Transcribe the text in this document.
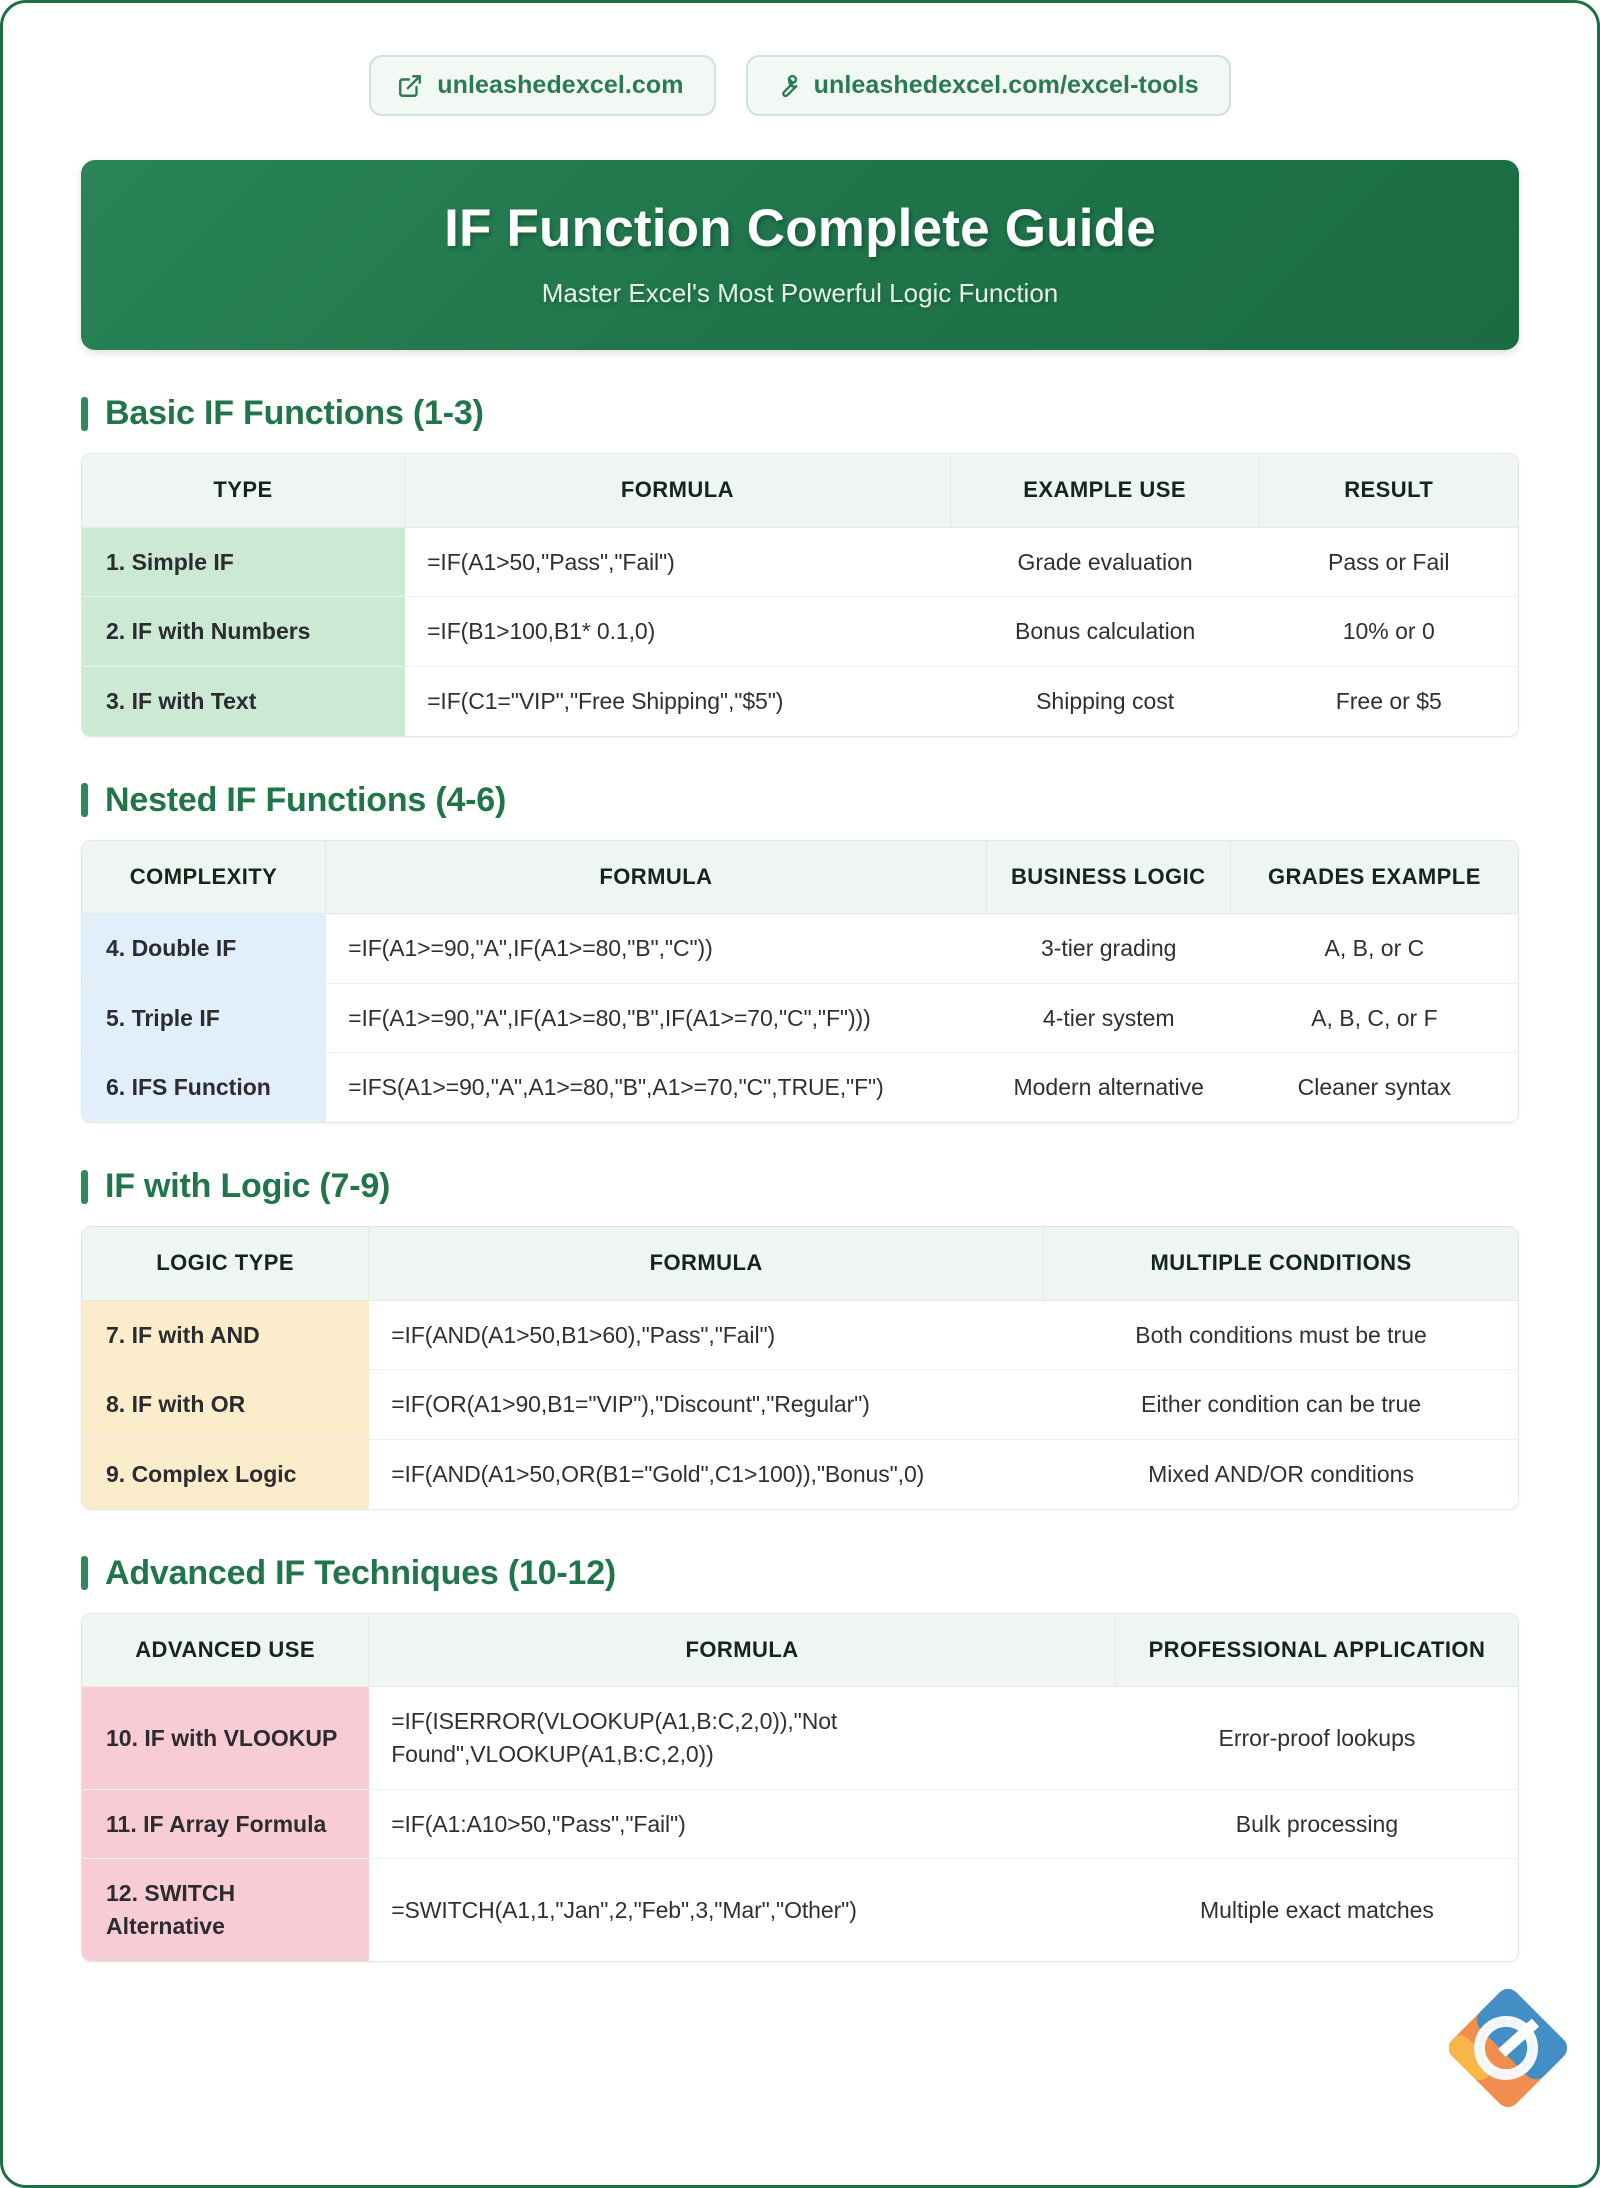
unleashedexcel.com	unleashedexcel.com/excel-tools
IF Function Complete Guide
Master Excel's Most Powerful Logic Function
Basic IF Functions (1-3)
TYPE	FORMULA	EXAMPLE USE	RESULT
1. Simple IF	=IF(A1>50,"Pass","Fail")	Grade evaluation	Pass or Fail
2. IF with Numbers	=IF(B1>100,B1* 0.1,0)	Bonus calculation	10% or 0
3. IF with Text	=IF(C1="VIP","Free Shipping","$5")	Shipping cost	Free or $5
Nested IF Functions (4-6)
COMPLEXITY	FORMULA	BUSINESS LOGIC	GRADES EXAMPLE
4. Double IF	=IF(A1>=90,"A",IF(A1>=80,"B","C"))	3-tier grading	A, B, or C
5. Triple IF	=IF(A1>=90,"A",IF(A1>=80,"B",IF(A1>=70,"C","F")))	4-tier system	A, B, C, or F
6. IFS Function	=IFS(A1>=90,"A",A1>=80,"B",A1>=70,"C",TRUE,"F")	Modern alternative	Cleaner syntax
IF with Logic (7-9)
LOGIC TYPE	FORMULA	MULTIPLE CONDITIONS
7. IF with AND	=IF(AND(A1>50,B1>60),"Pass","Fail")	Both conditions must be true
8. IF with OR	=IF(OR(A1>90,B1="VIP"),"Discount","Regular")	Either condition can be true
9. Complex Logic	=IF(AND(A1>50,OR(B1="Gold",C1>100)),"Bonus",0)	Mixed AND/OR conditions
Advanced IF Techniques (10-12)
ADVANCED USE	FORMULA	PROFESSIONAL APPLICATION
10. IF with VLOOKUP	=IF(ISERROR(VLOOKUP(A1,B:C,2,0)),"Not Found",VLOOKUP(A1,B:C,2,0))	Error-proof lookups
11. IF Array Formula	=IF(A1:A10>50,"Pass","Fail")	Bulk processing
12. SWITCH Alternative	=SWITCH(A1,1,"Jan",2,"Feb",3,"Mar","Other")	Multiple exact matches
